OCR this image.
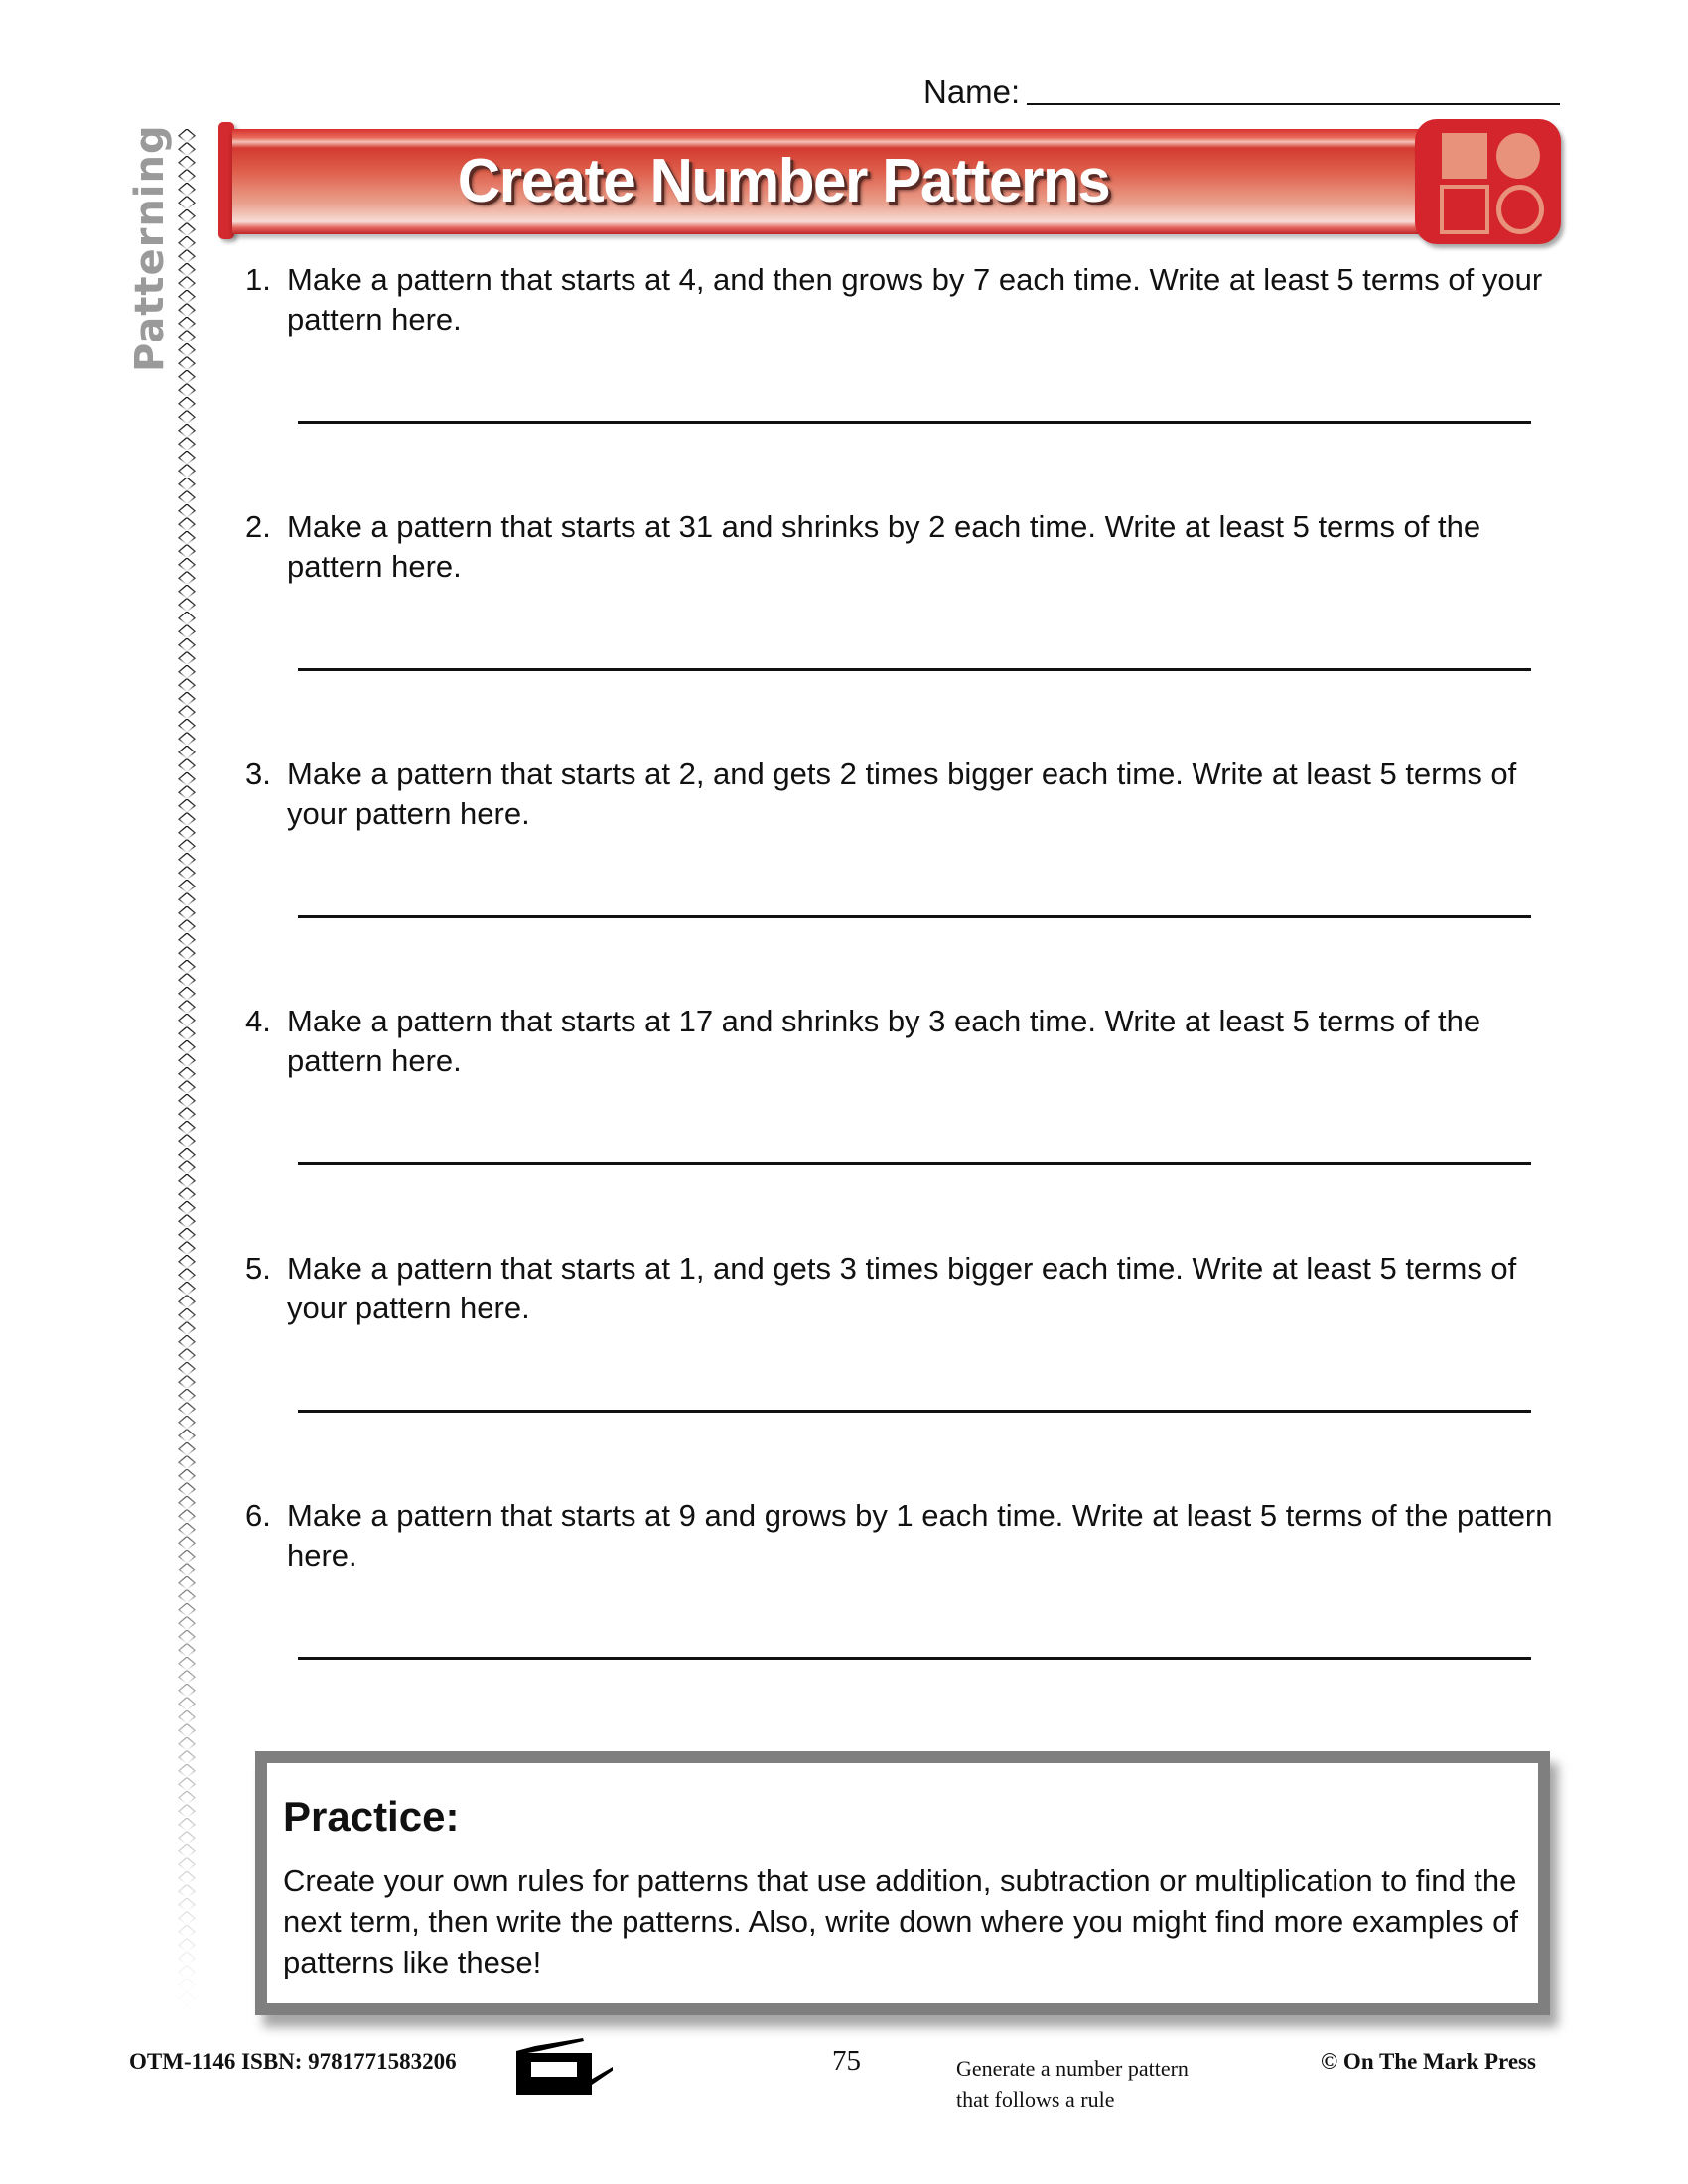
Name:
Patterning	Create Number Patterns
1. Make a pattern that starts at 4, and then grows by 7 each time. Write at least 5 terms of your pattern here.
2. Make a pattern that starts at 31 and shrinks by 2 each time. Write at least 5 terms of the pattern here.
3. Make a pattern that starts at 2, and gets 2 times bigger each time. Write at least 5 terms of your pattern here.
4. Make a pattern that starts at 17 and shrinks by 3 each time. Write at least 5 terms of the pattern here.
5. Make a pattern that starts at 1, and gets 3 times bigger each time. Write at least 5 terms of your pattern here.
6. Make a pattern that starts at 9 and grows by 1 each time. Write at least 5 terms of the pattern here.
Practice:
Create your own rules for patterns that use addition, subtraction or multiplication to find the next term, then write the patterns. Also, write down where you might find more examples of patterns like these!
OTM-1146 ISBN: 9781771583206	75	Generate a number pattern
that follows a rule
© On The Mark Press
